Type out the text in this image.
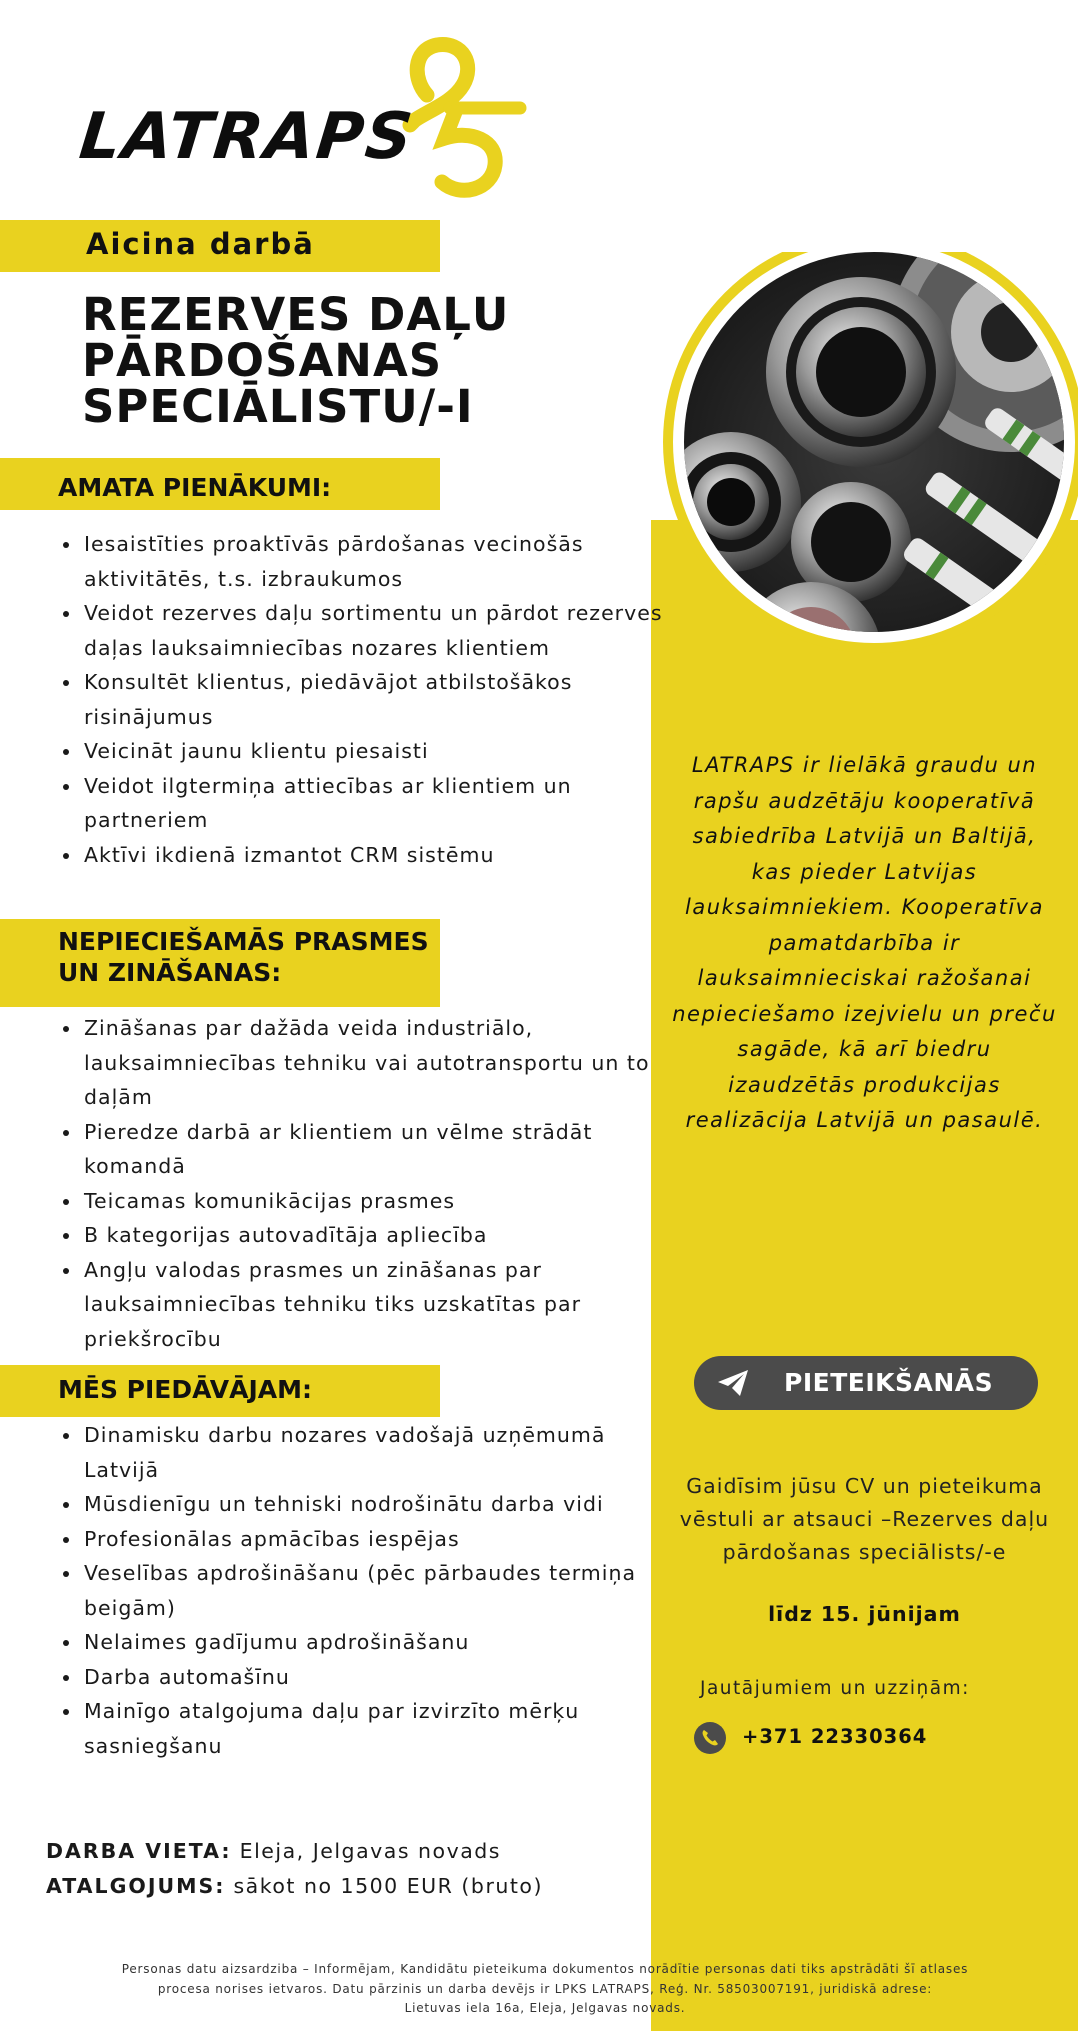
LATRAPS
Aicina darbā
REZERVES DAĻU
PĀRDOŠANAS
SPECIĀLISTU/-I
AMATA PIENĀKUMI:
• Iesaistīties proaktīvās pārdošanas vecinošās aktivitātēs, t.s. izbraukumos
• Veidot rezerves daļu sortimentu un pārdot rezerves daļas lauksaimniecības nozares klientiem
• Konsultēt klientus, piedāvājot atbilstošākos risinājumus
• Veicināt jaunu klientu piesaisti
• Veidot ilgtermiņa attiecības ar klientiem un partneriem
• Aktīvi ikdienā izmantot CRM sistēmu
NEPIECIEŠAMĀS PRASMES
UN ZINĀŠANAS:
• Zināšanas par dažāda veida industriālo, lauksaimniecības tehniku vai autotransportu un to daļām
• Pieredze darbā ar klientiem un vēlme strādāt komandā
• Teicamas komunikācijas prasmes
• B kategorijas autovadītāja apliecība
• Angļu valodas prasmes un zināšanas par lauksaimniecības tehniku tiks uzskatītas par priekšrocību
MĒS PIEDĀVĀJAM:
• Dinamisku darbu nozares vadošajā uzņēmumā Latvijā
• Mūsdienīgu un tehniski nodrošinātu darba vidi
• Profesionālas apmācības iespējas
• Veselības apdrošināšanu (pēc pārbaudes termiņa beigām)
• Nelaimes gadījumu apdrošināšanu
• Darba automašīnu
• Mainīgo atalgojuma daļu par izvirzīto mērķu sasniegšanu
DARBA VIETA: Eleja, Jelgavas novads
ATALGOJUMS: sākot no 1500 EUR (bruto)

LATRAPS ir lielākā graudu un rapšu audzētāju kooperatīvā sabiedrība Latvijā un Baltijā, kas pieder Latvijas lauksaimniekiem. Kooperatīva pamatdarbība ir lauksaimnieciskai ražošanai nepieciešamo izejvielu un preču sagāde, kā arī biedru izaudzētās produkcijas realizācija Latvijā un pasaulē.

PIETEIKŠANĀS

Gaidīsim jūsu CV un pieteikuma vēstuli ar atsauci –Rezerves daļu pārdošanas speciālists/-e

līdz 15. jūnijam

Jautājumiem un uzziņām:

+371 22330364

Personas datu aizsardziba – Informējam, Kandidātu pieteikuma dokumentos norādītie personas dati tiks apstrādāti šī atlases
procesa norises ietvaros. Datu pārzinis un darba devējs ir LPKS LATRAPS, Reģ. Nr. 58503007191, juridiskā adrese:
Lietuvas iela 16a, Eleja, Jelgavas novads.
